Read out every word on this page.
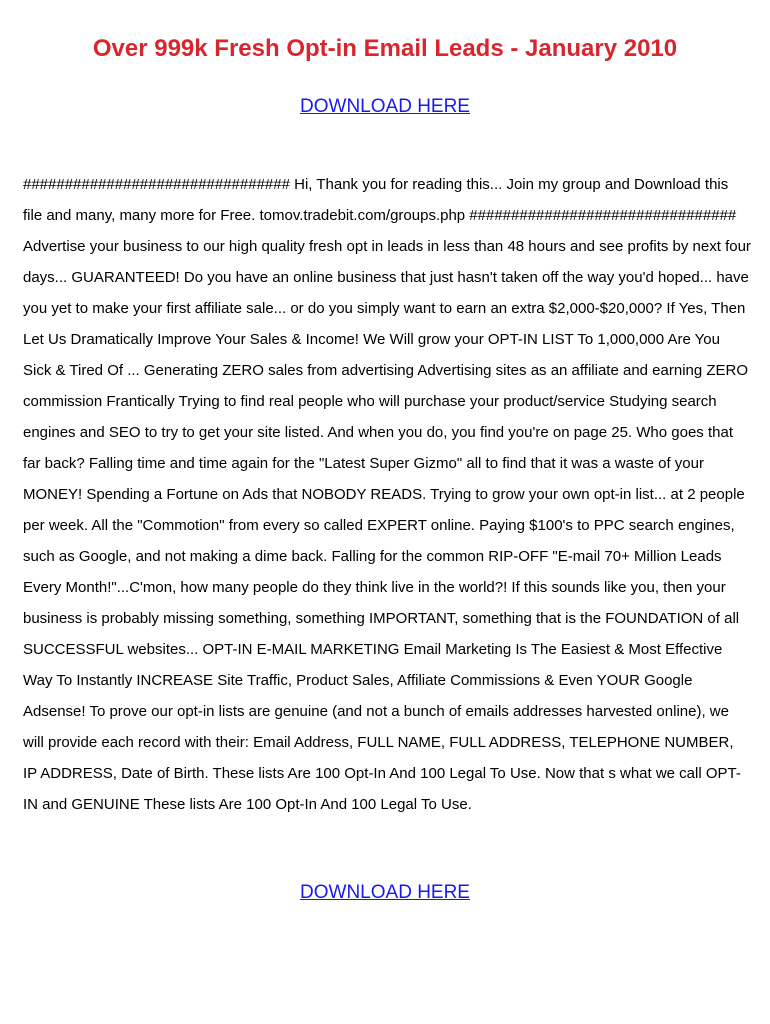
Over 999k Fresh Opt-in Email Leads - January 2010
DOWNLOAD HERE

################################ Hi, Thank you for reading this... Join my group and Download this file and many, many more for Free. tomov.tradebit.com/groups.php ################################ Advertise your business to our high quality fresh opt in leads in less than 48 hours and see profits by next four days... GUARANTEED! Do you have an online business that just hasn't taken off the way you'd hoped... have you yet to make your first affiliate sale... or do you simply want to earn an extra $2,000-$20,000? If Yes, Then Let Us Dramatically Improve Your Sales & Income! We Will grow your OPT-IN LIST To 1,000,000 Are You Sick & Tired Of ... Generating ZERO sales from advertising Advertising sites as an affiliate and earning ZERO commission Frantically Trying to find real people who will purchase your product/service Studying search engines and SEO to try to get your site listed. And when you do, you find you're on page 25. Who goes that far back? Falling time and time again for the "Latest Super Gizmo" all to find that it was a waste of your MONEY! Spending a Fortune on Ads that NOBODY READS. Trying to grow your own opt-in list... at 2 people per week. All the "Commotion" from every so called EXPERT online. Paying $100's to PPC search engines, such as Google, and not making a dime back. Falling for the common RIP-OFF "E-mail 70+ Million Leads Every Month!"...C'mon, how many people do they think live in the world?! If this sounds like you, then your business is probably missing something, something IMPORTANT, something that is the FOUNDATION of all SUCCESSFUL websites... OPT-IN E-MAIL MARKETING Email Marketing Is The Easiest & Most Effective Way To Instantly INCREASE Site Traffic, Product Sales, Affiliate Commissions & Even YOUR Google Adsense! To prove our opt-in lists are genuine (and not a bunch of emails addresses harvested online), we will provide each record with their: Email Address, FULL NAME, FULL ADDRESS, TELEPHONE NUMBER, IP ADDRESS, Date of Birth. These lists Are 100 Opt-In And 100 Legal To Use. Now that s what we call OPT-IN and GENUINE These lists Are 100 Opt-In And 100 Legal To Use.

DOWNLOAD HERE
